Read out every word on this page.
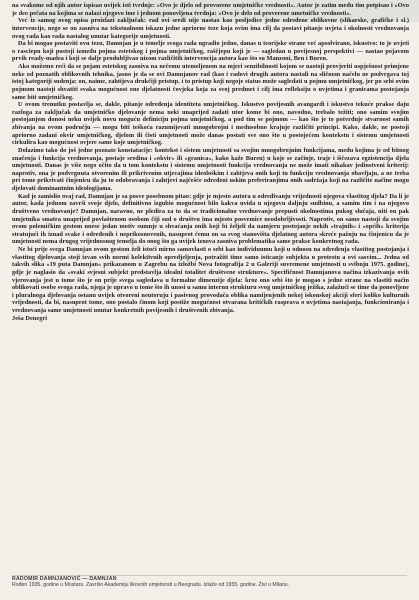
na svakome od njih autor ispisao uvijek isti tvrdnje: »Ovo je djelo od provorene umjetničke vrednosti«. Autor je zatim među tim potpisao i »Ovo je deo pečata na kojima se nalazi njegovo ime i jednom ponovljena tvrdnja: »Ovo je delo od proverene umetničke vrednosti«.

Već iz samog ovog opisa proizlazi zaključak: rad ovi sredi nije nastao kao posljedice jedne određene oblikovne (slikarske, grafičke i sl.) intervencije, nego se on zasniva na tekstualnom iskazu jedne apriorne teze koja ovim ima cilj da postavi pitanje uvjeta i okolnosti vrednovanja ovog rada kao rada nastalog unutar kategorije umjetnosti.

Da bi mogao postaviti ovu tezu, Damnjan je u temelje svoga rada ugradio jedno, danas u teorijske strane već apsolvirano, iskustvo: to je uvjeti o rasciepu koji postoji između pojma estetskog i pojma umjetničkog, raščjepu koji je — sagledan u povijesnoj perspektivi — nastao pojavom prvih ready-madea i koji se dalje produbljivao nizom različitih intervencija autora kao što su Manzoni, Ben i Buren.

Ako možemo reći da se pojam estetskog zasniva na nečemu utemeljenom na mjeri senzibilnosti kojom se nastoji provjeriti uspješnost primjene neke od poznatih oblikovnih tehnika, jasno je da se ovi Damnjanov rad (kao i radovi drugih autora nastali na sličnom načelu ne podvrgava toj istoj kategoriji sudenja: on, naime, zahtijeva drukčiji pristup, i to pristup koji negoje status može sagledati u pojmu umjetničkog, jer po sebi ovim pojmom nastoji shvatiti svaka mogućnost one djelatnosti čovjeka koja za svoj predmet i cilj ima refleksiju o uvjetima i granicama postojanja same biti umjetničkog.

U ovom trenutku postavlja se, dakle, pitanje određenja identiteta umjetničkog. Iskustvo povijesnih avangardi i iskustvo tekuće prakse daju razloga za zaključak da umjetničko djelovanje nema neki unaprijed zadati utor kome bi ono, navodno, trebalo težiti; ono samim svojim postojanjem donosi neku uvijek novu moguću definiciju pojma umjetničkog, a pod tim se pojmom — kao što je to potvrđuje stvarnost samih zbivanja na ovom području — mogu biti teškoća razumijevati mnogobrojni i međusobno krajnje različiti principi. Kako, dakle, ne postoji apriorno zadani okvir umjetničkog, djelom ili čisti umjetnosti može danas postati sve ono što u postojećem kontekstu i sistemu umjetnosti cirkulira kao mogućnost ovjere same koje umjetničkog.

Dolazimo tako do još jedne poznate konstatacije: kontekst i sistem umjetnosti sa svojim mnogobrojnim funkcijama, među kojima je od bitnog značenja i funkcija vrednovanja, postaje sredina i »okvir« ili »granica«, kako kaže Buren) u koje se začinje, traje i iščezava egzistencija djela umjetnosti. Danas je više nego očito da u tom kontekstu i sistemu umjetnosti funkcija vrednovanja ne može imati nikakav jedinstveni kriterij: naprotiv, ona je podvrgnuta otvorenim ili prikrivenim utjecajima ideološkim i zahtjeva onih koji tu funkciju vrednovanja obavljaju, a ne treba pri tome prikrivati činjenicu da ju to odobravanja i zahtjevi najčešće određeni uskim preferiranjima onih sadržaja koji na različite načine mogu djelovati dominantnim ideologijama.

Kad je zamislio ovaj rad, Damnjan je sa posve posebnom pitao: gdje je mjesto autora u određivanju vrijednosti njegova vlastitog djela? Da li je autor, kada jednom završi svoje djelo, definitivno izgubio mogućnost bilo kakva uvida u njegovu daljnju sudbinu, a samim tim i na njegovo društveno vrednovanje? Damnjan, naravno, ne pledira za to da se tradicionalno vrednovanje prepusti okolnostima pukog slučaja, niti on pak umjetnika smatra unaprijed povlaštenom osobom čiji sud o društvu ima mjesto posvemice neodobrljivosti. Naprotiv, on samo nastoji da svojim ovom polemičkim gestom unese jedan motiv sumnje u shvaćanja onih koji bi željeli da namjeru postojanje nekih »trajnih« i »općih« kriterija stratujući ih iznad svake i određenih i neprikosnovenih, nasuprot čemu on sa svog stanovišta djelatnog autora skreće pažnju na činjenicu da je umjetnosti nema drugog vrijednosnog temelja do onog što ga uvijek iznova zasniva problematika same prakse konkretnog rada.

Ne bi prije svega Damnjan ovom gestom želi istoći mirno samovlasti o sebi kao individuumu koji u odnosu na određenja vlastitog postojanja i vlastitog djelovanja stoji izvan svih normi kolektivnih opredjeljenja, potražiti time samo isticanje subjekta u protestu a ovi sasvim... Jedna od takvih slika »19 puta Damnjan« prikazanom u Zagrebu na izložbi Nova fotografija 2 u Galeriji suvremene umjetnosti u svibnju 1975. godine), gdje je naglasio da »svaki svjesni subjekt predstavlja idealni totalitet društvene strukture«. Specifičnost Damnjanova načina izkazivanja ovih vjerovanja jest u tome što je on prije svega sagledava u formalne dimenzije djela: kroz ono sebi što je mogao s jedne strane na vlastiti način oblikovati osobe svoga rada, njega je upravo u tome što ih unosi u samu internu strukturu svog umjetničkog ježika, zalažući se time da ponovljene i pluralnoga djelovanja ostanu uvijek otvoreni neutoruju i pasivnog provođača oblika namijenjenih nekoj iskonskoj akciji sferi koliko kulturnih vrijednosti, da bi, nasuprot tome, ono postalo činom koji postiže mogućnost otvarana kritičkih rasprava o uvjetima nastajanja, funkcioniranja i vrednovanja same umjetnosti unutar konkretnih povijesnih i društvenih zbivanja.

Ješa Denegri

RADOMIR DAMNJANOVIĆ — DAMNJAN
Rođen 1935. godine u Mostaru. Završio Akademiju likovnih umjetnosti u Beogradu. Izlaže od 1955. godine. Živi u Milanu.
